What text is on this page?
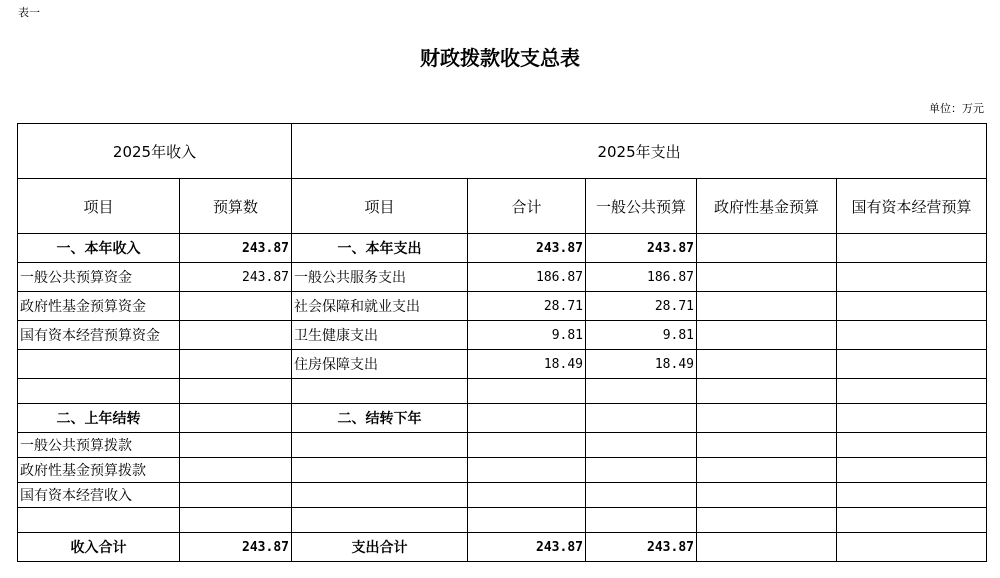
表一
财政拨款收支总表
单位：万元
2025年收入		2025年支出				
项目	预算数	项目	合计	一般公共预算	政府性基金预算	国有资本经营预算
一、本年收入	243.87	一、本年支出	243.87	243.87		
一般公共预算资金	243.87	一般公共服务支出	186.87	186.87		
政府性基金预算资金		社会保障和就业支出	28.71	28.71		
国有资本经营预算资金		卫生健康支出	9.81	9.81		
		住房保障支出	18.49	18.49		

二、上年结转		二、结转下年				
一般公共预算拨款						
政府性基金预算拨款						
国有资本经营收入						

收入合计	243.87	支出合计	243.87	243.87		
